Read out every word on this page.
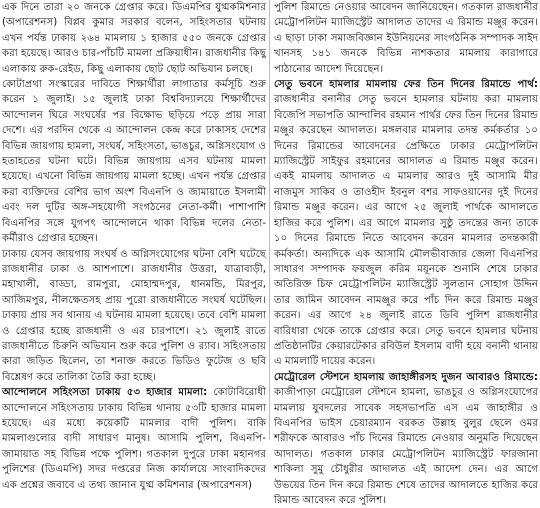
এক দিনে তারা ২০ জনকে গ্রেপ্তার করে। ডিএমপির যুগ্মকমিশনার (অপারেশনস) বিপ্লব কুমার সরকার বলেন, সহিংসতার ঘটনায় এখন পর্যন্ত ঢাকায় ২৬৪ মামলায় ১ হাজার ৫৫০ জনকে গ্রেপ্তার করা হয়েছে। আরও চার-পাঁচটি মামলা প্রক্রিয়াধীন। রাজধানীর কিছু এলাকায় রুক-রেইড, কিছু এলাকায় ছোট ছোট অভিযান চলছে।

কোটাপ্রথা সংস্কারের দাবিতে শিক্ষার্থীরা লাগাতার কর্মসূচি শুরু করেন ১ জুলাই। ১৫ জুলাই ঢাকা বিশ্ববিদ্যালয়ে শিক্ষার্থীদের আন্দোলন ঘিরে সংঘর্ষের পর বিক্ষোভ ছড়িয়ে পড়ে প্রায় সারা দেশে। এর পরদিন থেকে এ আন্দোলন কেন্দ্র করে ঢাকাসহ দেশের বিভিন্ন জায়গায় হামলা, সংঘর্ষ, সহিংসতা, ভাঙচুর, অগ্নিসংযোগ ও হতাহতের ঘটনা ঘটে। বিভিন্ন জায়গায় এসব ঘটনায় মামলা হয়েছে। এখনো বিভিন্ন জায়গায় মামলা হচ্ছে। এখন পর্যন্ত গ্রেপ্তার করা ব্যক্তিদের বেশির ভাগ অংশ বিএনপি ও জামায়াতে ইসলামী এবং দল দুটির অঙ্গ-সহযোগী সংগঠনের নেতা-কর্মী। পাশাপাশি বিএনপির সঙ্গে যুগপৎ আন্দোলনে থাকা বিভিন্ন দলের নেতা-কর্মীরাও গ্রেপ্তার হচ্ছেন।

ঢাকায় যেসব জায়গায় সংঘর্ষ ও অগ্নিসংযোগের ঘটনা বেশি ঘটেছে রাজধানীর ঢাকা ও আশপাশে। রাজধানীর উত্তরা, যাত্রাবাড়ী, মহাখালী, বাড্ডা, রামপুরা, মোহাম্মদপুর, ধানমন্ডি, মিরপুর, আজিমপুর, নীলক্ষেতসহ প্রায় পুরো রাজধানীতে সংঘর্ষ ঘটেছিল। ঢাকায় প্রায় সব থানায় এ ঘটনায় মামলা হয়েছে। তবে বেশি মামলা ও গ্রেপ্তার হচ্ছে রাজধানী ও এর চারপাশে। ২১ জুলাই রাতে রাজধানীতে চিরুনি অভিযান শুরু করে পুলিশ ও র‍্যাব। সহিংসতায় কারা জড়িত ছিলেন, তা শনাক্ত করতে ভিডিও ফুটেজ ও ছবি বিশ্লেষণ করে তালিকা তৈরি করা হচ্ছে।

আন্দোলনে সহিংসতা ঢাকায় ৫৩ হাজার মামলা: কোটাবিরোধী আন্দোলনে সহিংসতায় ঢাকায় বিভিন্ন থানায় ৫৩টি হাজার মামলা হয়েছে। এর মধ্যে কয়েকটি মামলার বাদী পুলিশ। বাকি মামলাগুলোর বাদী সাধারণ মানুষ। আসামি পুলিশ, বিএনপি-জামায়াত সহ বিভিন্ন পক্ষে পুলিশ। গতকাল দুপুরে ঢাকা মহানগর পুলিশের (ডিএমপি) সদর দপ্তরের নিজ কার্যালয়ে সাংবাদিকদের এক প্রশ্নের জবাবে এ তথ্য জানান যুগ্ম কমিশনার (অপারেশনস)

পুলিশ রিমান্ডে নেওয়ার আবেদন জানিয়েছেন। গতকাল রাজধানীর মেট্রোপলিটন ম্যাজিস্ট্রেট আদালত তাদের এ রিমান্ড মঞ্জুর করেন। এ ছাড়া ঢাকা সমাজবিজ্ঞান ইউনিয়নের সাংগঠনিক সম্পাদক সাইদ খানসহ ১৪১ জনকে বিভিন্ন নাশকতার মামলায় কারাগারে পাঠানোর আদেশ দিয়েছেন।

সেতু ভবনে হামলার মামলায় ফের তিন দিনের রিমান্ডে পার্থ: রাজধানীর বনানীর সেতু ভবনে হামলার ঘটনায় করা মামলায় বিজেপি সভাপতি আন্দালিব রহমান পার্থর ফের তিন দিনের রিমান্ড মঞ্জুর করেছেন আদালত। মঙ্গলবার মামলার তদন্ত কর্মকর্তার ১০ দিনের রিমান্ডের আবেদনের প্রেক্ষিতে ঢাকার মেট্রোপলিটন ম্যাজিস্ট্রেট সাইফুর রহমানের আদালত এ রিমান্ড মঞ্জুর করেন। একই মামলায় আদালত এ মামলার আরও দুই আসামি মীর নাজমুস সাকিব ও তাওহীদ ইবনুল বশর সাফওয়ানের দুই দিনের রিমান্ড মঞ্জুর করেন। এর আগে ২৫ জুলাই পার্থকে আদালতে হাজির করে পুলিশ। এর আগে মামলার সুষ্ঠু তদন্তের জন্য তাকে ১০ দিনের রিমান্ডে নিতে আবেদন করেন মামলার তদন্তকারী কর্মকর্তা। অন্যদিকে এক আসামি মৌলভীবাজার জেলা বিএনপির সাধারণ সম্পাদক ফয়জুল করিম ময়ূনকে শুনানি শেষে ঢাকার অতিরিক্ত চিফ মেট্রোপলিটন ম্যাজিস্ট্রেট সুলতান সোহাগ উদ্দিন তার জামিন আবেদন নামঞ্জুর করে পাঁচ দিন করে রিমান্ড মঞ্জুর করেন। এর আগে ২৪ জুলাই রাতে ডিবি পুলিশ রাজধানীর বারিধারা থেকে তাকে গ্রেপ্তার করে। সেতু ভবনে হামলার ঘটনায় প্রতিষ্ঠানটির কেয়ারটেকার রবিউল ইসলাম বাদী হয়ে বনানী থানায় এ মামলাটি দায়ের করেন।

মেট্রোরেল স্টেশনে হামলায় জাহাঙ্গীরসহ দুজন আবারও রিমান্ডে: কাজীপাড়া মেট্রোরেল স্টেশনে হামলা, ভাঙচুর ও অগ্নিসংযোগের মামলায় যুবদলের সাবেক সহসভাপতি এস এম জাহাঙ্গীর ও বিএনপির ভাইস চেয়ারম্যান বরকত উল্লাহ বুলুর ছেলে ওমর শরীফকে আবারও পাঁচ দিনের রিমান্ডে নেওয়ার অনুমতি দিয়েছেন আদালত। গতকাল ঢাকার মেট্রোপলিটন ম্যাজিস্ট্রেট ফারজানা শাকিলা সুমু চৌধুরীর আদালত এই আদেশ দেন। এর আগে উভয়ের তিন দিন করে রিমান্ড শেষে তাদের আদালতে হাজির করে রিমান্ড আবেদন করে পুলিশ।
